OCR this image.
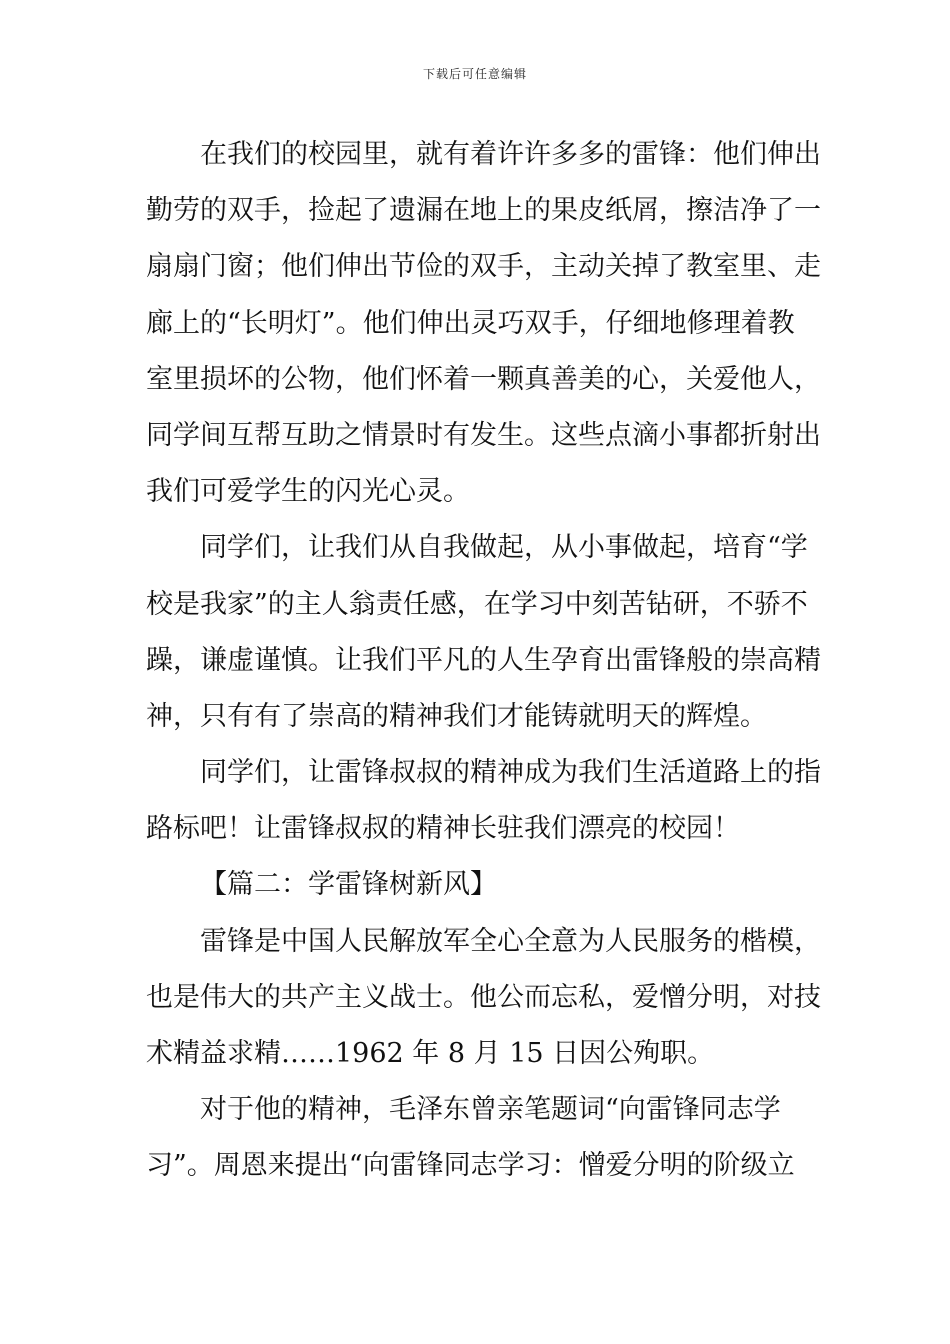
下载后可任意编辑
在我们的校园里，就有着许许多多的雷锋：他们伸出
勤劳的双手，捡起了遗漏在地上的果皮纸屑，擦洁净了一
扇扇门窗；他们伸出节俭的双手，主动关掉了教室里、走
廊上的“长明灯”。他们伸出灵巧双手，仔细地修理着教
室里损坏的公物，他们怀着一颗真善美的心，关爱他人，
同学间互帮互助之情景时有发生。这些点滴小事都折射出
我们可爱学生的闪光心灵。
同学们，让我们从自我做起，从小事做起，培育“学
校是我家”的主人翁责任感，在学习中刻苦钻研，不骄不
躁，谦虚谨慎。让我们平凡的人生孕育出雷锋般的崇高精
神，只有有了崇高的精神我们才能铸就明天的辉煌。
同学们，让雷锋叔叔的精神成为我们生活道路上的指
路标吧！让雷锋叔叔的精神长驻我们漂亮的校园！
【篇二：学雷锋树新风】
雷锋是中国人民解放军全心全意为人民服务的楷模，
也是伟大的共产主义战士。他公而忘私，爱憎分明，对技
术精益求精……1962 年 8 月 15 日因公殉职。
对于他的精神，毛泽东曾亲笔题词“向雷锋同志学
习”。周恩来提出“向雷锋同志学习：憎爱分明的阶级立
